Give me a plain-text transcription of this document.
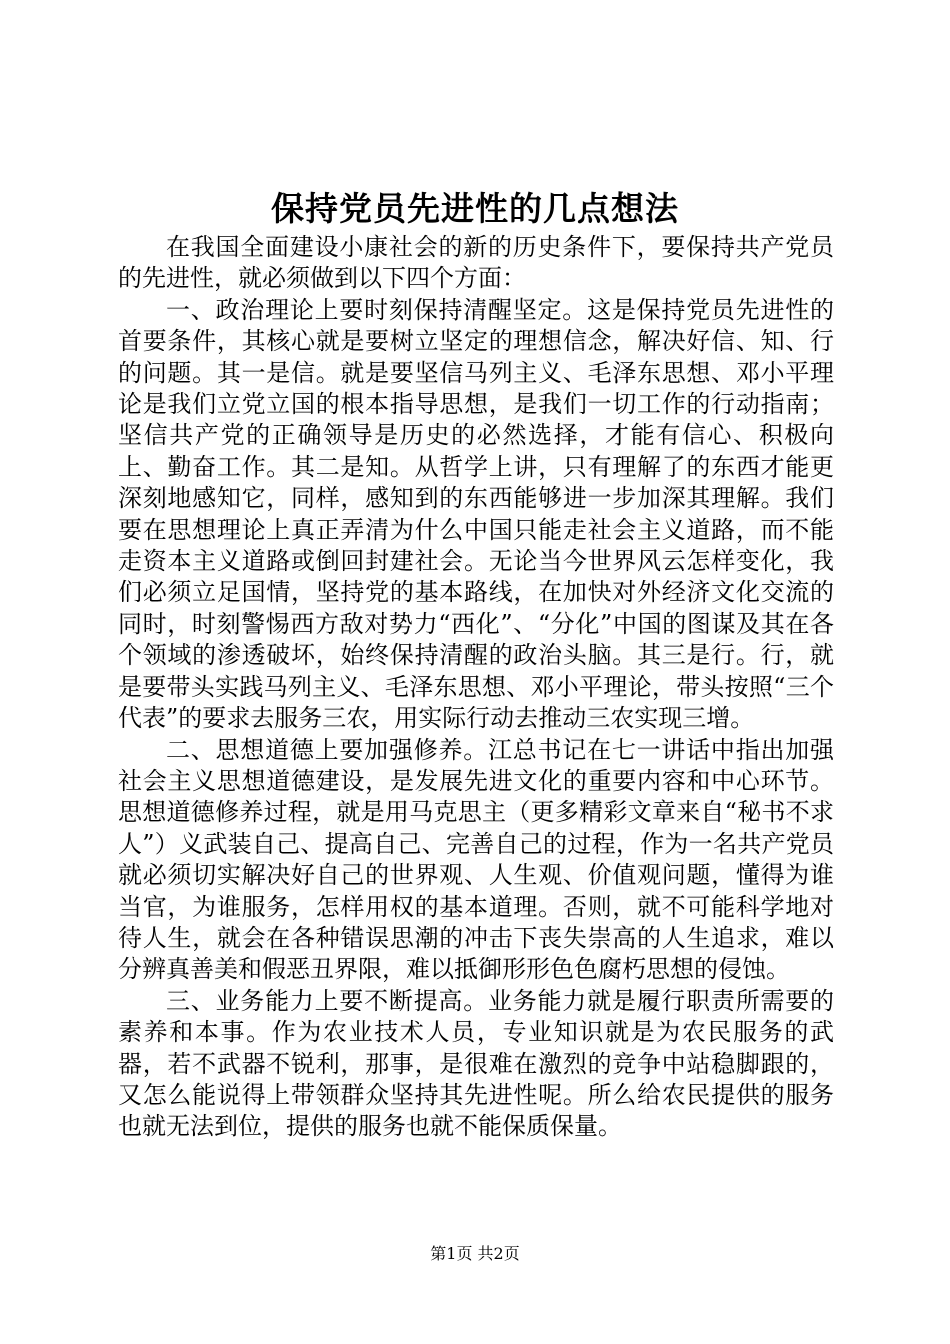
保持党员先进性的几点想法

在我国全面建设小康社会的新的历史条件下，要保持共产党员的先进性，就必须做到以下四个方面：

一、政治理论上要时刻保持清醒坚定。这是保持党员先进性的首要条件，其核心就是要树立坚定的理想信念，解决好信、知、行的问题。其一是信。就是要坚信马列主义、毛泽东思想、邓小平理论是我们立党立国的根本指导思想，是我们一切工作的行动指南；坚信共产党的正确领导是历史的必然选择，才能有信心、积极向上、勤奋工作。其二是知。从哲学上讲，只有理解了的东西才能更深刻地感知它，同样，感知到的东西能够进一步加深其理解。我们要在思想理论上真正弄清为什么中国只能走社会主义道路，而不能走资本主义道路或倒回封建社会。无论当今世界风云怎样变化，我们必须立足国情，坚持党的基本路线，在加快对外经济文化交流的同时，时刻警惕西方敌对势力“西化”、“分化”中国的图谋及其在各个领域的渗透破坏，始终保持清醒的政治头脑。其三是行。行，就是要带头实践马列主义、毛泽东思想、邓小平理论，带头按照“三个代表”的要求去服务三农，用实际行动去推动三农实现三增。

二、思想道德上要加强修养。江总书记在七一讲话中指出加强社会主义思想道德建设，是发展先进文化的重要内容和中心环节。思想道德修养过程，就是用马克思主（更多精彩文章来自“秘书不求人”）义武装自己、提高自己、完善自己的过程，作为一名共产党员就必须切实解决好自己的世界观、人生观、价值观问题，懂得为谁当官，为谁服务，怎样用权的基本道理。否则，就不可能科学地对待人生，就会在各种错误思潮的冲击下丧失崇高的人生追求，难以分辨真善美和假恶丑界限，难以抵御形形色色腐朽思想的侵蚀。

三、业务能力上要不断提高。业务能力就是履行职责所需要的素养和本事。作为农业技术人员，专业知识就是为农民服务的武器，若不武器不锐利，那事，是很难在激烈的竞争中站稳脚跟的，又怎么能说得上带领群众坚持其先进性呢。所么给农民提供的服务也就无法到位，提供的服务也就不能保质保量。

第1页 共2页
